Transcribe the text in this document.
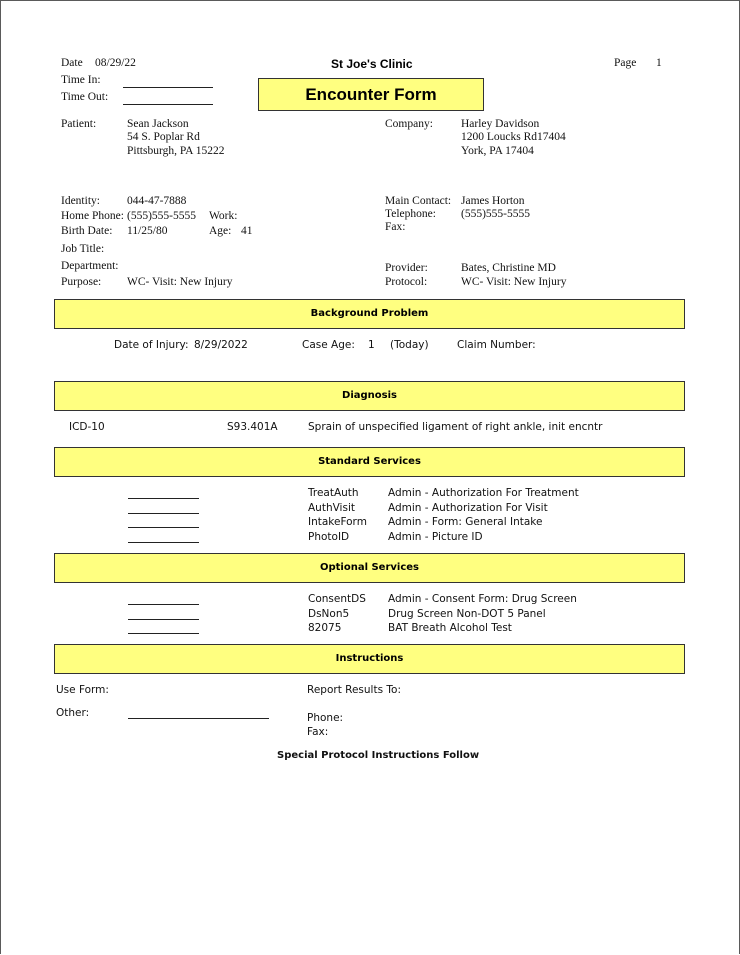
Date 08/29/22	St Joe's Clinic	Page 1
Time In:
Time Out:	Encounter Form
Patient:	Sean Jackson
54 S. Poplar Rd
Pittsburgh, PA 15222
Company: Harley Davidson
1200 Loucks Rd17404
York, PA 17404
Identity: 044-47-7888
Home Phone: (555)555-5555 Work:
Birth Date: 11/25/80	Age: 41
Job Title:
Department:
Purpose: WC- Visit: New Injury
Main Contact: James Horton
Telephone: (555)555-5555
Fax:
Provider:	Bates, Christine MD
Protocol:	WC- Visit: New Injury
Background Problem
Date of Injury: 8/29/2022	Case Age: 1 (Today)	Claim Number:
Diagnosis
ICD-10	S93.401A	Sprain of unspecified ligament of right ankle, init encntr
Standard Services
TreatAuth	Admin - Authorization For Treatment
AuthVisit	Admin - Authorization For Visit
IntakeForm Admin - Form: General Intake
PhotoID	Admin - Picture ID
Optional Services
ConsentDS Admin - Consent Form: Drug Screen
DsNon5	Drug Screen Non-DOT 5 Panel
82075	BAT Breath Alcohol Test
Instructions
Use Form:	Report Results To:
Other:	Phone:
Fax:
Special Protocol Instructions Follow
